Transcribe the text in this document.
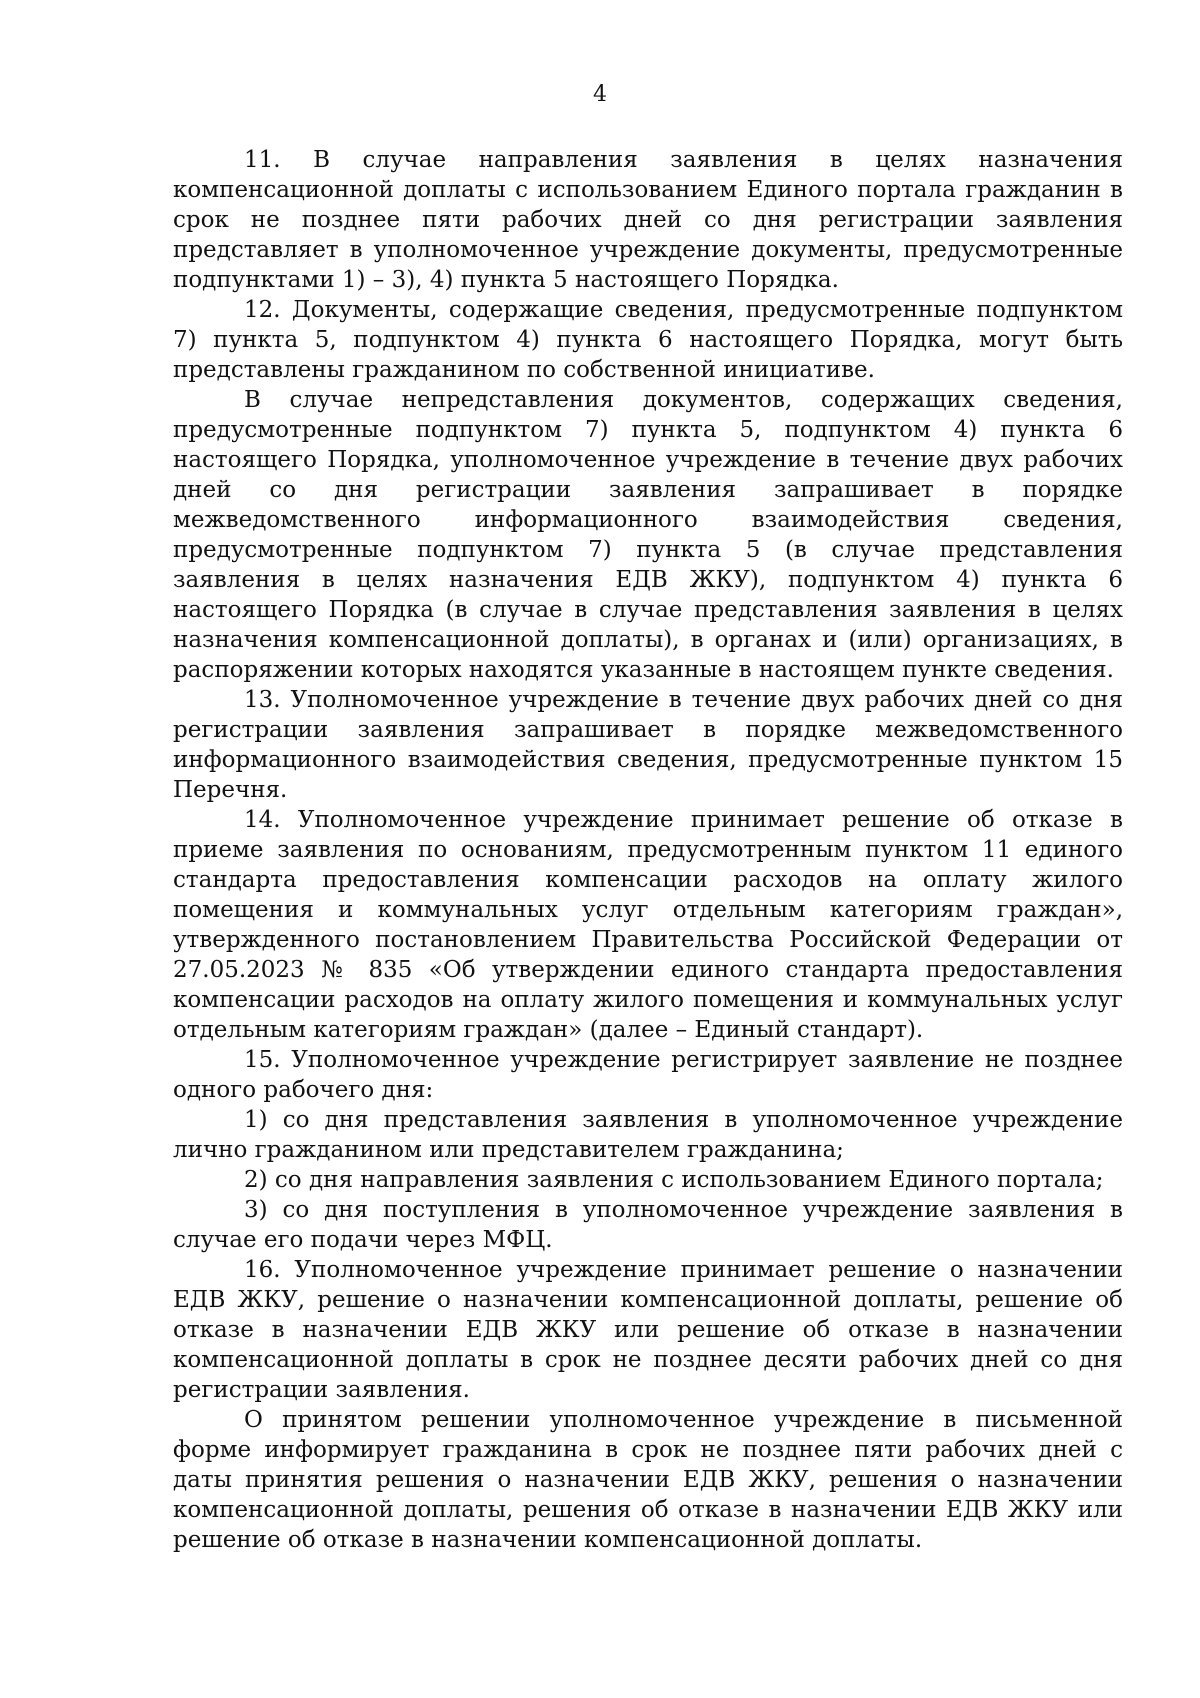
4

11. В случае направления заявления в целях назначения компенсационной доплаты с использованием Единого портала гражданин в срок не позднее пяти рабочих дней со дня регистрации заявления представляет в уполномоченное учреждение документы, предусмотренные подпунктами 1) – 3), 4) пункта 5 настоящего Порядка.

12. Документы, содержащие сведения, предусмотренные подпунктом 7) пункта 5, подпунктом 4) пункта 6 настоящего Порядка, могут быть представлены гражданином по собственной инициативе.

В случае непредставления документов, содержащих сведения, предусмотренные подпунктом 7) пункта 5, подпунктом 4) пункта 6 настоящего Порядка, уполномоченное учреждение в течение двух рабочих дней со дня регистрации заявления запрашивает в порядке межведомственного информационного взаимодействия сведения, предусмотренные подпунктом 7) пункта 5 (в случае представления заявления в целях назначения ЕДВ ЖКУ), подпунктом 4) пункта 6 настоящего Порядка (в случае в случае представления заявления в целях назначения компенсационной доплаты), в органах и (или) организациях, в распоряжении которых находятся указанные в настоящем пункте сведения.

13. Уполномоченное учреждение в течение двух рабочих дней со дня регистрации заявления запрашивает в порядке межведомственного информационного взаимодействия сведения, предусмотренные пунктом 15 Перечня.

14. Уполномоченное учреждение принимает решение об отказе в приеме заявления по основаниям, предусмотренным пунктом 11 единого стандарта предоставления компенсации расходов на оплату жилого помещения и коммунальных услуг отдельным категориям граждан», утвержденного постановлением Правительства Российской Федерации от 27.05.2023 № 835 «Об утверждении единого стандарта предоставления компенсации расходов на оплату жилого помещения и коммунальных услуг отдельным категориям граждан» (далее – Единый стандарт).

15. Уполномоченное учреждение регистрирует заявление не позднее одного рабочего дня:

1) со дня представления заявления в уполномоченное учреждение лично гражданином или представителем гражданина;

2) со дня направления заявления с использованием Единого портала;

3) со дня поступления в уполномоченное учреждение заявления в случае его подачи через МФЦ.

16. Уполномоченное учреждение принимает решение о назначении ЕДВ ЖКУ, решение о назначении компенсационной доплаты, решение об отказе в назначении ЕДВ ЖКУ или решение об отказе в назначении компенсационной доплаты в срок не позднее десяти рабочих дней со дня регистрации заявления.

О принятом решении уполномоченное учреждение в письменной форме информирует гражданина в срок не позднее пяти рабочих дней с даты принятия решения о назначении ЕДВ ЖКУ, решения о назначении компенсационной доплаты, решения об отказе в назначении ЕДВ ЖКУ или решение об отказе в назначении компенсационной доплаты.
